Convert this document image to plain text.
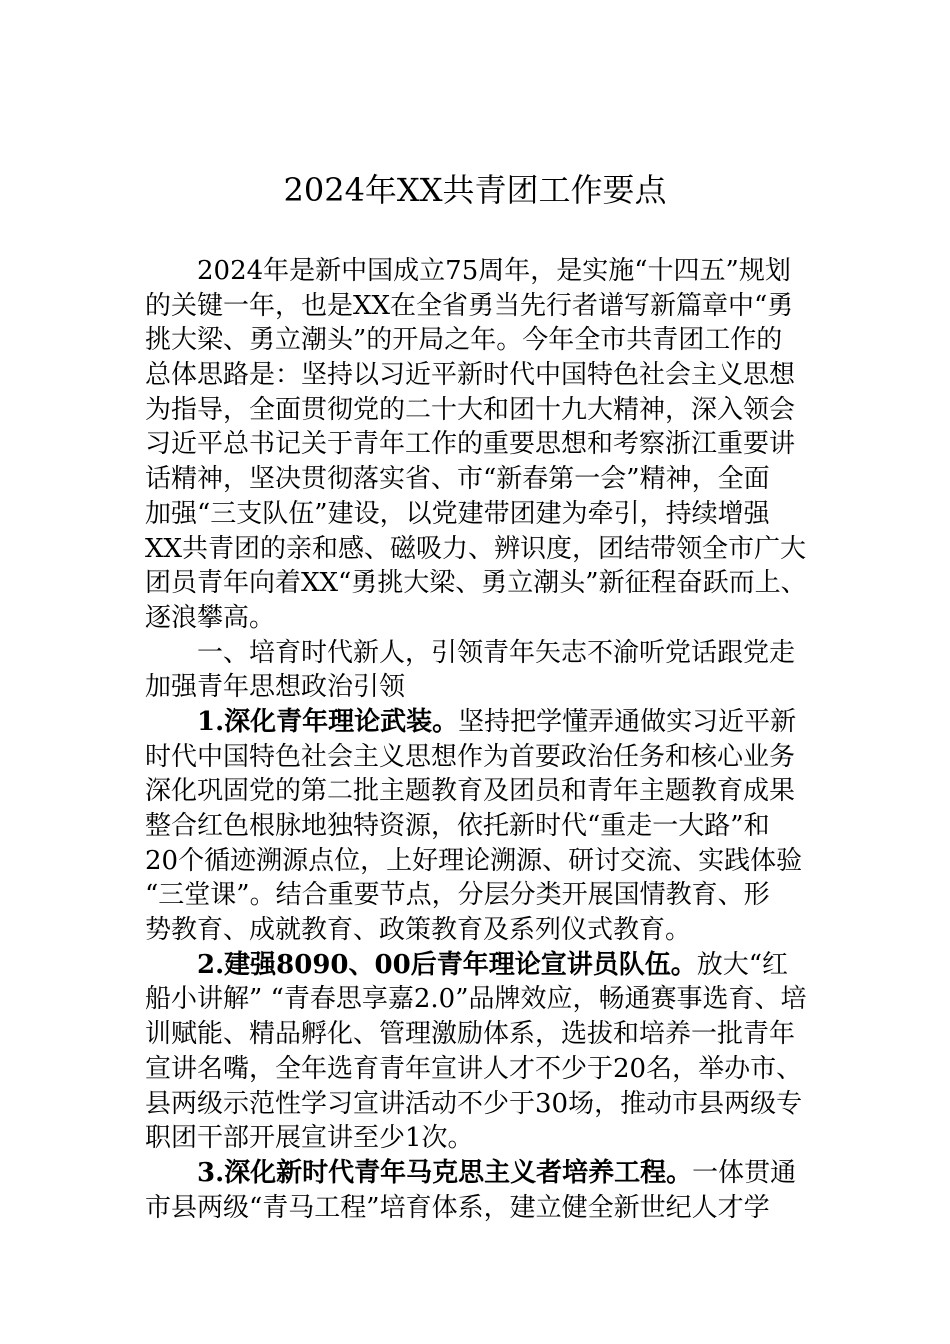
2024年XX共青团工作要点
2024年是新中国成立75周年，是实施“十四五”规划
的关键一年，也是XX在全省勇当先行者谱写新篇章中“勇
挑大梁、勇立潮头”的开局之年。今年全市共青团工作的
总体思路是：坚持以习近平新时代中国特色社会主义思想
为指导，全面贯彻党的二十大和团十九大精神，深入领会
习近平总书记关于青年工作的重要思想和考察浙江重要讲
话精神，坚决贯彻落实省、市“新春第一会”精神，全面
加强“三支队伍”建设，以党建带团建为牵引，持续增强
XX共青团的亲和感、磁吸力、辨识度，团结带领全市广大
团员青年向着XX“勇挑大梁、勇立潮头”新征程奋跃而上、
逐浪攀高。
一、培育时代新人，引领青年矢志不渝听党话跟党走
加强青年思想政治引领
1.深化青年理论武装。坚持把学懂弄通做实习近平新
时代中国特色社会主义思想作为首要政治任务和核心业务
深化巩固党的第二批主题教育及团员和青年主题教育成果
整合红色根脉地独特资源，依托新时代“重走一大路”和
20个循迹溯源点位，上好理论溯源、研讨交流、实践体验
“三堂课”。结合重要节点，分层分类开展国情教育、形
势教育、成就教育、政策教育及系列仪式教育。
2.建强8090、00后青年理论宣讲员队伍。放大“红
船小讲解” “青春思享嘉2.0”品牌效应，畅通赛事选育、培
训赋能、精品孵化、管理激励体系，选拔和培养一批青年
宣讲名嘴，全年选育青年宣讲人才不少于20名，举办市、
县两级示范性学习宣讲活动不少于30场，推动市县两级专
职团干部开展宣讲至少1次。
3.深化新时代青年马克思主义者培养工程。一体贯通
市县两级“青马工程”培育体系，建立健全新世纪人才学
